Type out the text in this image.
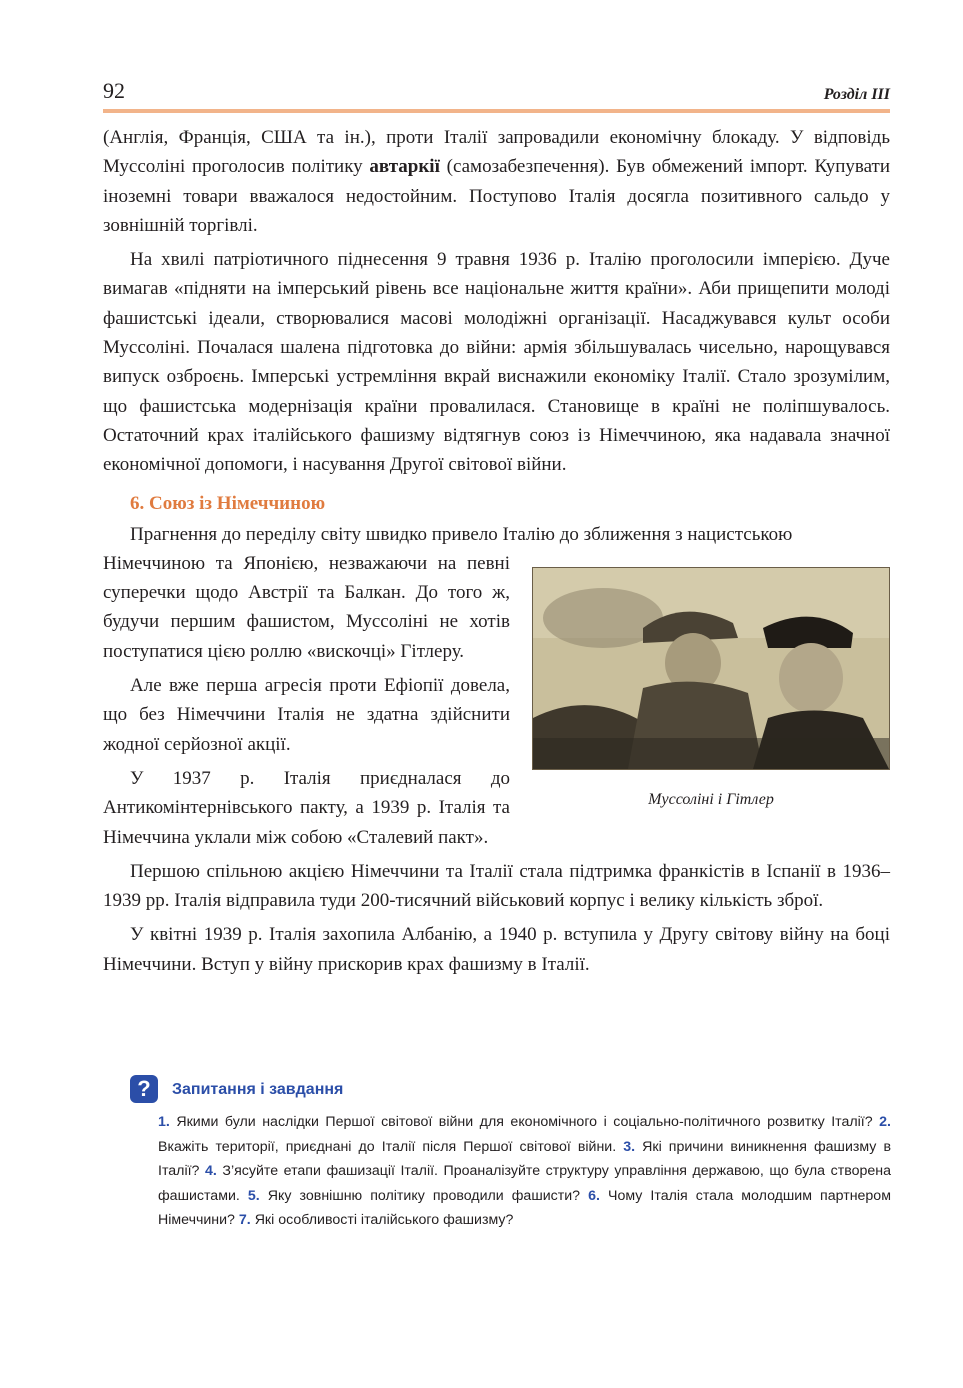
92	Розділ III

(Англія, Франція, США та ін.), проти Італії запровадили економічну блокаду. У відповідь Муссоліні проголосив політику автаркії (самозабезпечення). Був обмежений імпорт. Купувати іноземні товари вважалося недостойним. Поступово Італія досягла позитивного сальдо у зовнішній торгівлі.

На хвилі патріотичного піднесення 9 травня 1936 р. Італію проголосили імперією. Дуче вимагав «підняти на імперський рівень все національне життя країни». Аби прищепити молоді фашистські ідеали, створювалися масові молодіжні організації. Насаджувався культ особи Муссоліні. Почалася шалена підготовка до війни: армія збільшувалась чисельно, нарощувався випуск озброєнь. Імперські устремління вкрай виснажили економіку Італії. Стало зрозумілим, що фашистська модернізація країни провалилася. Становище в країні не поліпшувалось. Остаточний крах італійського фашизму відтягнув союз із Німеччиною, яка надавала значної економічної допомоги, і насування Другої світової війни.

6. Союз із Німеччиною

Прагнення до переділу світу швидко привело Італію до зближення з нацистською

Муссоліні і Гітлер

Німеччиною та Японією, незважаючи на певні суперечки щодо Австрії та Балкан. До того ж, будучи першим фашистом, Муссоліні не хотів поступатися цією роллю «вискочці» Гітлеру.

Але вже перша агресія проти Ефіопії довела, що без Німеччини Італія не здатна здійснити жодної серйозної акції.

У 1937 р. Італія приєдналася до Антикомінтернівського пакту, а 1939 р. Італія та Німеччина уклали між собою «Сталевий пакт».

Першою спільною акцією Німеччини та Італії стала підтримка франкістів в Іспанії в 1936–1939 рр. Італія відправила туди 200-тисячний військовий корпус і велику кількість зброї.

У квітні 1939 р. Італія захопила Албанію, а 1940 р. вступила у Другу світову війну на боці Німеччини. Вступ у війну прискорив крах фашизму в Італії.

?	Запитання і завдання
1. Якими були наслідки Першої світової війни для економічного і соціально-політичного розвитку Італії? 2. Вкажіть території, приєднані до Італії після Першої світової війни. 3. Які причини виникнення фашизму в Італії? 4. З’ясуйте етапи фашизації Італії. Проаналізуйте структуру управління державою, що була створена фашистами. 5. Яку зовнішню політику проводили фашисти? 6. Чому Італія стала молодшим партнером Німеччини? 7. Які особливості італійського фашизму?
